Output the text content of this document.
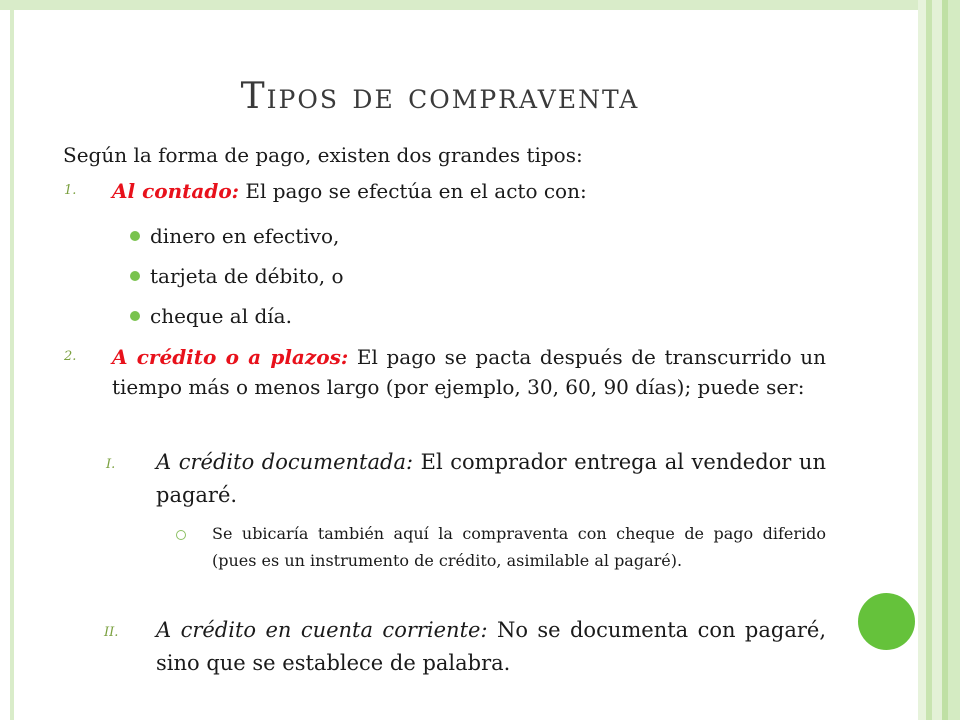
Tipos de compraventa
Según la forma de pago, existen dos grandes tipos:
1. Al contado: El pago se efectúa en el acto con:
dinero en efectivo,
tarjeta de débito, o
cheque al día.
2. A crédito o a plazos: El pago se pacta después de transcurrido un tiempo más o menos largo (por ejemplo, 30, 60, 90 días); puede ser:
I. A crédito documentada: El comprador entrega al vendedor un pagaré.
Se ubicaría también aquí la compraventa con cheque de pago diferido (pues es un instrumento de crédito, asimilable al pagaré).
II. A crédito en cuenta corriente: No se documenta con pagaré, sino que se establece de palabra.
